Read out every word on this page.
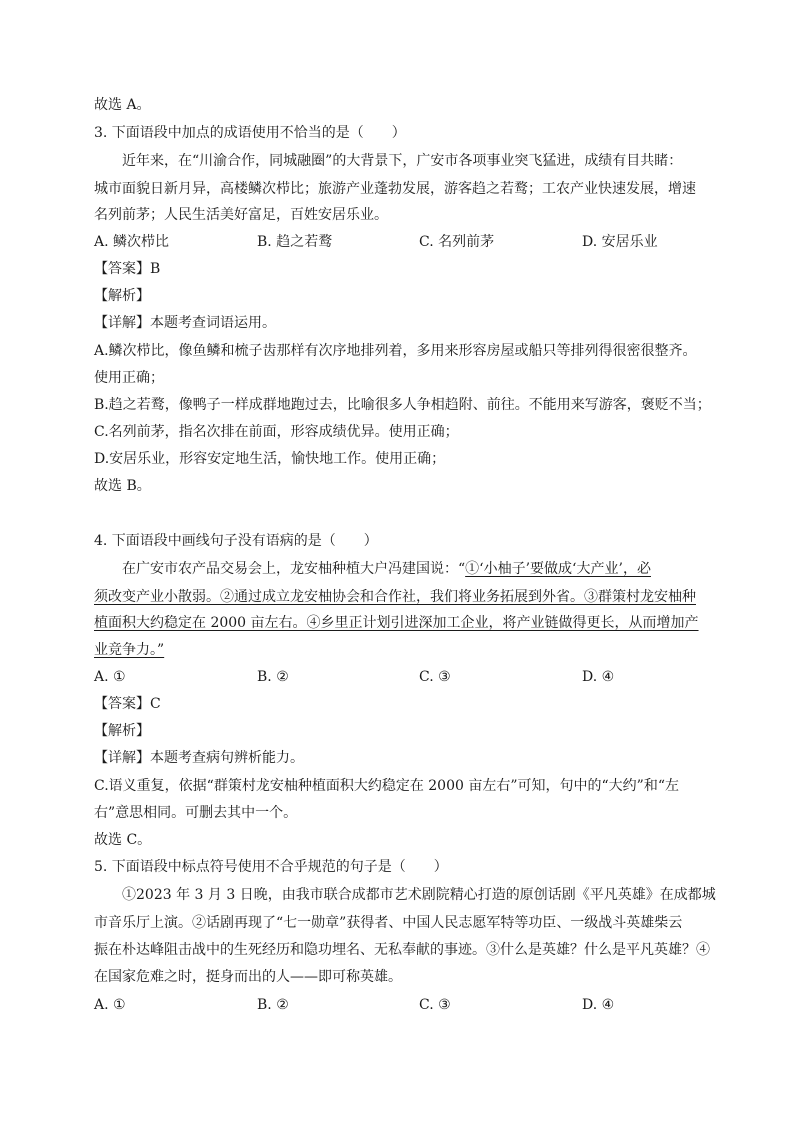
故选 A。
3. 下面语段中加点的成语使用不恰当的是（　　）
近年来，在“川渝合作，同城融圈”的大背景下，广安市各项事业突飞猛进，成绩有目共睹：
城市面貌日新月异，高楼鳞次栉比；旅游产业蓬勃发展，游客趋之若鹜；工农产业快速发展，增速
名列前茅；人民生活美好富足，百姓安居乐业。
A. 鳞次栉比	B. 趋之若鹜	C. 名列前茅	D. 安居乐业
【答案】B
【解析】
【详解】本题考查词语运用。
A.鳞次栉比，像鱼鳞和梳子齿那样有次序地排列着，多用来形容房屋或船只等排列得很密很整齐。
使用正确；
B.趋之若鹜，像鸭子一样成群地跑过去，比喻很多人争相趋附、前往。不能用来写游客，褒贬不当；
C.名列前茅，指名次排在前面，形容成绩优异。使用正确；
D.安居乐业，形容安定地生活，愉快地工作。使用正确；
故选 B。
4. 下面语段中画线句子没有语病的是（　　）
在广安市农产品交易会上，龙安柚种植大户冯建国说：“①‘小柚子’要做成‘大产业’，必
须改变产业小散弱。②通过成立龙安柚协会和合作社，我们将业务拓展到外省。③群策村龙安柚种
植面积大约稳定在 2000 亩左右。④乡里正计划引进深加工企业，将产业链做得更长，从而增加产
业竞争力。”
A. ①	B. ②	C. ③	D. ④
【答案】C
【解析】
【详解】本题考查病句辨析能力。
C.语义重复，依据“群策村龙安柚种植面积大约稳定在 2000 亩左右”可知，句中的“大约”和“左
右”意思相同。可删去其中一个。
故选 C。
5. 下面语段中标点符号使用不合乎规范的句子是（　　）
①2023 年 3 月 3 日晚，由我市联合成都市艺术剧院精心打造的原创话剧《平凡英雄》在成都城
市音乐厅上演。②话剧再现了“七一勋章”获得者、中国人民志愿军特等功臣、一级战斗英雄柴云
振在朴达峰阻击战中的生死经历和隐功埋名、无私奉献的事迹。③什么是英雄？什么是平凡英雄？④
在国家危难之时，挺身而出的人——即可称英雄。
A. ①	B. ②	C. ③	D. ④
